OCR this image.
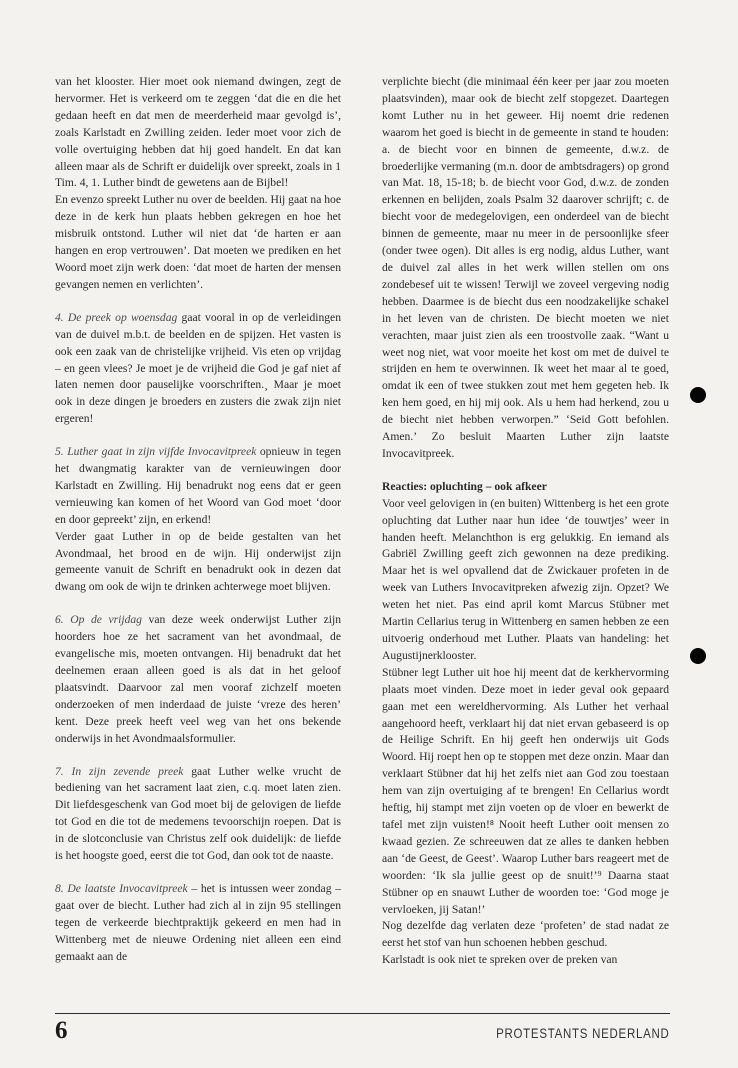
van het klooster. Hier moet ook niemand dwingen, zegt de hervormer. Het is verkeerd om te zeggen ‘dat die en die het gedaan heeft en dat men de meerderheid maar gevolgd is’, zoals Karlstadt en Zwilling zeiden. Ieder moet voor zich de volle overtuiging hebben dat hij goed handelt. En dat kan alleen maar als de Schrift er duidelijk over spreekt, zoals in 1 Tim. 4, 1. Luther bindt de gewetens aan de Bijbel!

En evenzo spreekt Luther nu over de beelden. Hij gaat na hoe deze in de kerk hun plaats hebben gekregen en hoe het misbruik ontstond. Luther wil niet dat ‘de harten er aan hangen en erop vertrouwen’. Dat moeten we prediken en het Woord moet zijn werk doen: ‘dat moet de harten der mensen gevangen nemen en verlichten’.

4. De preek op woensdag gaat vooral in op de verleidingen van de duivel m.b.t. de beelden en de spijzen. Het vasten is ook een zaak van de christelijke vrijheid. Vis eten op vrijdag – en geen vlees? Je moet je de vrijheid die God je gaf niet af laten nemen door pauselijke voorschriften.¸ Maar je moet ook in deze dingen je broeders en zusters die zwak zijn niet ergeren!

5. Luther gaat in zijn vijfde Invocavitpreek opnieuw in tegen het dwangmatig karakter van de vernieuwingen door Karlstadt en Zwilling. Hij benadrukt nog eens dat er geen vernieuwing kan komen of het Woord van God moet ‘door en door gepreekt’ zijn, en erkend!

Verder gaat Luther in op de beide gestalten van het Avondmaal, het brood en de wijn. Hij onderwijst zijn gemeente vanuit de Schrift en benadrukt ook in dezen dat dwang om ook de wijn te drinken achterwege moet blijven.

6. Op de vrijdag van deze week onderwijst Luther zijn hoorders hoe ze het sacrament van het avondmaal, de evangelische mis, moeten ontvangen. Hij benadrukt dat het deelnemen eraan alleen goed is als dat in het geloof plaatsvindt. Daarvoor zal men vooraf zichzelf moeten onderzoeken of men inderdaad de juiste ‘vreze des heren’ kent. Deze preek heeft veel weg van het ons bekende onderwijs in het Avondmaalsformulier.

7. In zijn zevende preek gaat Luther welke vrucht de bediening van het sacrament laat zien, c.q. moet laten zien. Dit liefdesgeschenk van God moet bij de gelovigen de liefde tot God en die tot de medemens tevoorschijn roepen. Dat is in de slotconclusie van Christus zelf ook duidelijk: de liefde is het hoogste goed, eerst die tot God, dan ook tot de naaste.

8. De laatste Invocavitpreek – het is intussen weer zondag – gaat over de biecht. Luther had zich al in zijn 95 stellingen tegen de verkeerde biechtpraktijk gekeerd en men had in Wittenberg met de nieuwe Ordening niet alleen een eind gemaakt aan de

verplichte biecht (die minimaal één keer per jaar zou moeten plaatsvinden), maar ook de biecht zelf stopgezet. Daartegen komt Luther nu in het geweer. Hij noemt drie redenen waarom het goed is biecht in de gemeente in stand te houden: a. de biecht voor en binnen de gemeente, d.w.z. de broederlijke vermaning (m.n. door de ambtsdragers) op grond van Mat. 18, 15-18; b. de biecht voor God, d.w.z. de zonden erkennen en belijden, zoals Psalm 32 daarover schrijft; c. de biecht voor de medegelovigen, een onderdeel van de biecht binnen de gemeente, maar nu meer in de persoonlijke sfeer (onder twee ogen). Dit alles is erg nodig, aldus Luther, want de duivel zal alles in het werk willen stellen om ons zondebesef uit te wissen! Terwijl we zoveel vergeving nodig hebben. Daarmee is de biecht dus een noodzakelijke schakel in het leven van de christen. De biecht moeten we niet verachten, maar juist zien als een troostvolle zaak. “Want u weet nog niet, wat voor moeite het kost om met de duivel te strijden en hem te overwinnen. Ik weet het maar al te goed, omdat ik een of twee stukken zout met hem gegeten heb. Ik ken hem goed, en hij mij ook. Als u hem had herkend, zou u de biecht niet hebben verworpen.” ‘Seid Gott befohlen. Amen.’ Zo besluit Maarten Luther zijn laatste Invocavitpreek.

Reacties: opluchting – ook afkeer

Voor veel gelovigen in (en buiten) Wittenberg is het een grote opluchting dat Luther naar hun idee ‘de touwtjes’ weer in handen heeft. Melanchthon is erg gelukkig. En iemand als Gabriël Zwilling geeft zich gewonnen na deze prediking. Maar het is wel opvallend dat de Zwickauer profeten in de week van Luthers Invocavitpreken afwezig zijn. Opzet? We weten het niet. Pas eind april komt Marcus Stübner met Martin Cellarius terug in Wittenberg en samen hebben ze een uitvoerig onderhoud met Luther. Plaats van handeling: het Augustijnerklooster.

Stübner legt Luther uit hoe hij meent dat de kerkhervorming plaats moet vinden. Deze moet in ieder geval ook gepaard gaan met een wereldhervorming. Als Luther het verhaal aangehoord heeft, verklaart hij dat niet ervan gebaseerd is op de Heilige Schrift. En hij geeft hen onderwijs uit Gods Woord. Hij roept hen op te stoppen met deze onzin. Maar dan verklaart Stübner dat hij het zelfs niet aan God zou toestaan hem van zijn overtuiging af te brengen! En Cellarius wordt heftig, hij stampt met zijn voeten op de vloer en bewerkt de tafel met zijn vuisten!⁸ Nooit heeft Luther ooit mensen zo kwaad gezien. Ze schreeuwen dat ze alles te danken hebben aan ‘de Geest, de Geest’. Waarop Luther bars reageert met de woorden: ‘Ik sla jullie geest op de snuit!’⁹ Daarna staat Stübner op en snauwt Luther de woorden toe: ‘God moge je vervloeken, jij Satan!’

Nog dezelfde dag verlaten deze ‘profeten’ de stad nadat ze eerst het stof van hun schoenen hebben geschud.

Karlstadt is ook niet te spreken over de preken van

6	PROTESTANTS NEDERLAND
